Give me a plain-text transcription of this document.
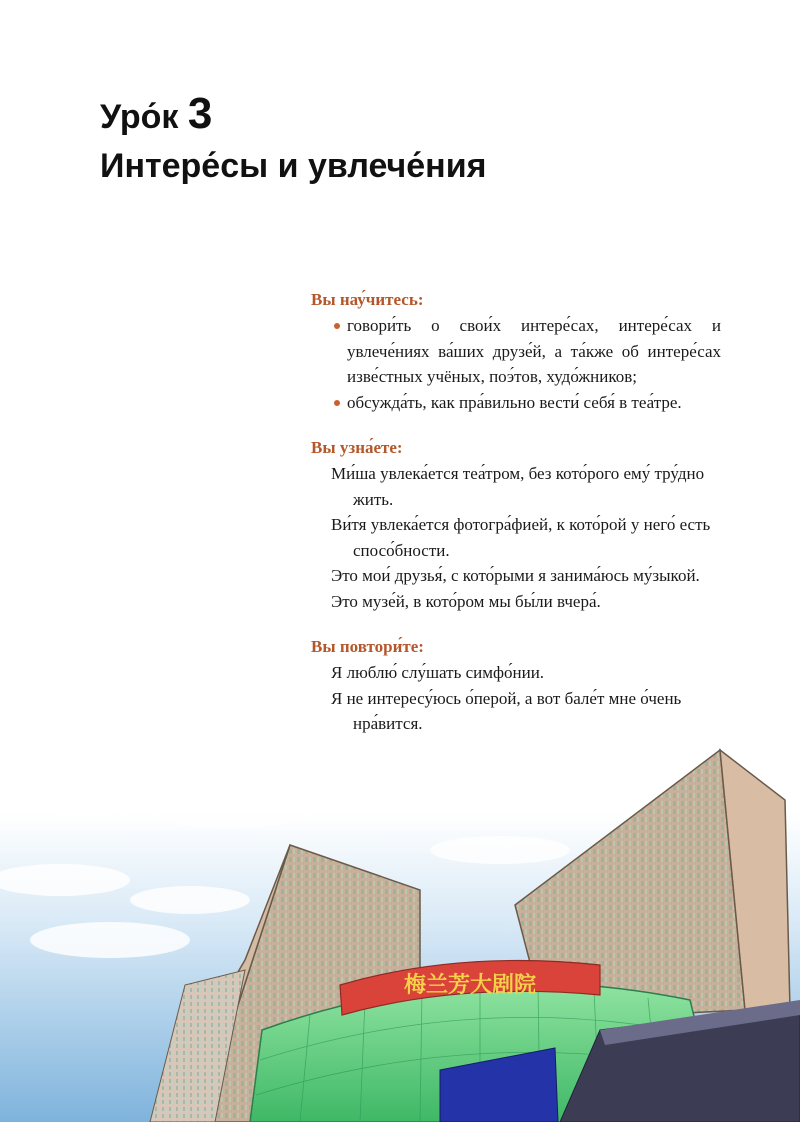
梅兰芳大剧院
Уро́к 3
Интере́сы и увлече́ния
Вы нау́читесь:
говори́ть о свои́х интере́сах, интере́сах и увлече́ниях ва́ших друзе́й, а та́кже об интере́сах изве́стных учёных, поэ́тов, худо́жников;
обсужда́ть, как пра́вильно вести́ себя́ в теа́тре.
Вы узна́ете:
Ми́ша увлека́ется теа́тром, без кото́рого ему́ тру́дно жить.
Ви́тя увлека́ется фотогра́фией, к кото́рой у него́ есть спосо́бности.
Это мои́ друзья́, с кото́рыми я занима́юсь му́зыкой.
Это музе́й, в кото́ром мы бы́ли вчера́.
Вы повтори́те:
Я люблю́ слу́шать симфо́нии.
Я не интересу́юсь о́перой, а вот бале́т мне о́чень нра́вится.
